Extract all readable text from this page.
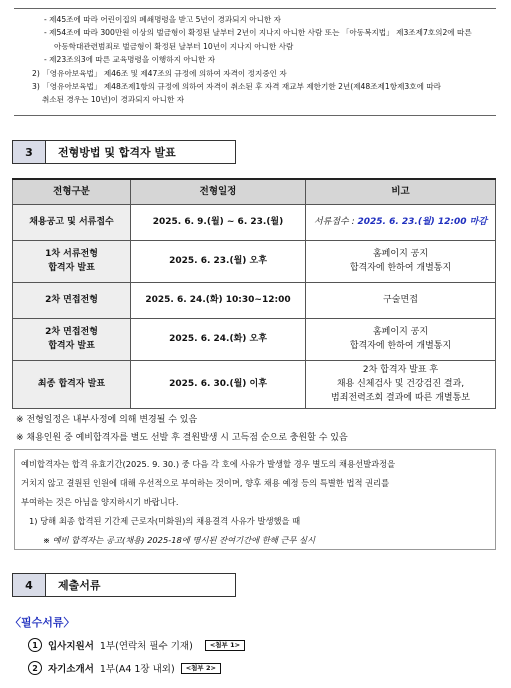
- 제45조에 따라 어린이집의 폐쇄명령을 받고 5년이 경과되지 아니한 자
- 제54조에 따라 300만원 이상의 벌금형이 확정된 날부터 2년이 지나지 아니한 사람 또는 「아동복지법」 제3조제7호의2에 따른
아동학대관련범죄로 벌금형이 확정된 날부터 10년이 지나지 아니한 사람
- 제23조의3에 따른 교육명령을 이행하지 아니한 자
2) 「영유아보육법」 제46조 및 제47조의 규정에 의하여 자격이 정지중인 자
3) 「영유아보육법」 제48조제1항의 규정에 의하여 자격이 취소된 후 자격 재교부 제한기한 2년(제48조제1항제3호에 따라
취소된 경우는 10년)이 경과되지 아니한 자
3	전형방법 및 합격자 발표
전형구분	전형일정	비고
채용공고 및 서류접수	2025. 6. 9.(월) ~ 6. 23.(월)	서류접수 : 2025. 6. 23.(월) 12:00 마감
1차 서류전형
합격자 발표	2025. 6. 23.(월) 오후	홈페이지 공지
합격자에 한하여 개별통지
2차 면접전형	2025. 6. 24.(화) 10:30~12:00	구술면접
2차 면접전형
합격자 발표	2025. 6. 24.(화) 오후	홈페이지 공지
합격자에 한하여 개별통지
최종 합격자 발표	2025. 6. 30.(월) 이후	2차 합격자 발표 후
채용 신체검사 및 건강검진 결과,
범죄전력조회 결과에 따른 개별통보
※ 전형일정은 내부사정에 의해 변경될 수 있음
※ 채용인원 중 예비합격자를 별도 선발 후 결원발생 시 고득점 순으로 충원할 수 있음
예비합격자는 합격 유효기간(2025. 9. 30.) 중 다음 각 호에 사유가 발생할 경우 별도의 채용선발과정을
거치지 않고 결원된 인원에 대해 우선적으로 부여하는 것이며, 향후 채용 예정 등의 특별한 법적 권리를
부여하는 것은 아님을 양지하시기 바랍니다.
1) 당해 최종 합격된 기간제 근로자(미화원)의 채용결격 사유가 발생했을 때
※ 예비 합격자는 공고(채용) 2025-18에 명시된 잔여기간에 한해 근무 실시
4	제출서류
〈필수서류〉
1	입사지원서 1부(연락처 필수 기재)	<첨부 1>
2	자기소개서 1부(A4 1장 내외)	<첨부 2>
